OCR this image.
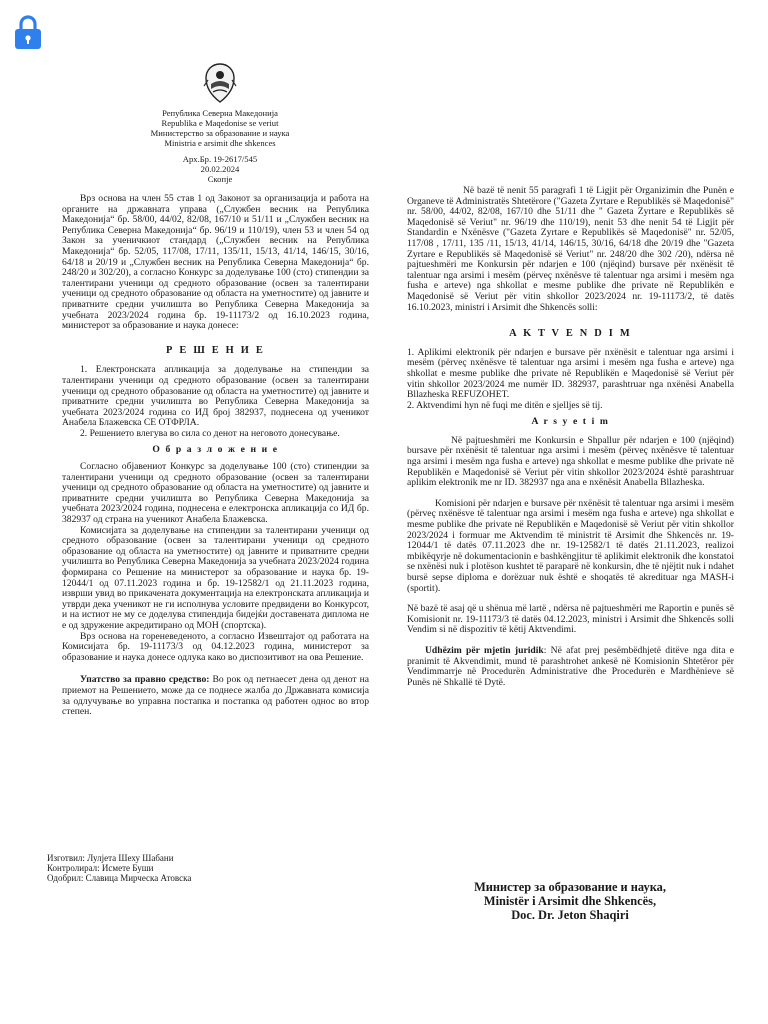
Република Северна Македонија
Republika e Maqedonise se veriut
Министерство за образование и наука
Ministria e arsimit dhe shkences
Арх.Бр. 19-2617/545
20.02.2024
Скопје

Врз основа на член 55 став 1 од Законот за организација и работа на органите на државната управа („Службен весник на Република Македонија“ бр. 58/00, 44/02, 82/08, 167/10 и 51/11 и „Службен весник на Република Северна Македонија“ бр. 96/19 и 110/19), член 53 и член 54 од Закон за ученичкиот стандард („Службен весник на Република Македонија“ бр. 52/05, 117/08, 17/11, 135/11, 15/13, 41/14, 146/15, 30/16, 64/18 и 20/19 и „Службен весник на Република Северна Македонија“ бр. 248/20 и 302/20), а согласно Конкурс за доделување 100 (сто) стипендии за талентирани ученици од средното образование (освен за талентирани ученици од средното образование од областа на уметностите) од јавните и приватните средни училишта во Република Северна Македонија за учебната 2023/2024 година бр. 19-11173/2 од 16.10.2023 година, министерот за образование и наука донесе:

Р Е Ш Е Н И Е

1. Електронската апликација за доделување на стипендии за талентирани ученици од средното образование (освен за талентирани ученици од средното образование од областа на уметностите) од јавните и приватните средни училишта во Република Северна Македонија за учебната 2023/2024 година со ИД број 382937, поднесена од ученикот Анабела Блажевска СЕ ОТФРЛА.

2. Решението влегува во сила со денот на неговото донесување.

О б р а з л о ж е н и е

Согласно објавениот Конкурс за доделување 100 (сто) стипендии за талентирани ученици од средното образование (освен за талентирани ученици од средното образование од областа на уметностите) од јавните и приватните средни училишта во Република Северна Македонија за учебната 2023/2024 година, поднесена е електронска апликација со ИД бр. 382937 од страна на ученикот Анабела Блажевска.

Комисијата за доделување на стипендии за талентирани ученици од средното образование (освен за талентирани ученици од средното образование од областа на уметностите) од јавните и приватните средни училишта во Република Северна Македонија за учебната 2023/2024 година формирана со Решение на министерот за образование и наука бр. 19-12044/1 од 07.11.2023 година и бр. 19-12582/1 од 21.11.2023 година, изврши увид во прикачената документација на електронската апликација и утврди дека ученикот не ги исполнува условите предвидени во Конкурсот, и на истиот не му се доделува стипендија бидејќи доставената диплома не е од здружение акредитирано од МОН (спортска).

Врз основа на гореневеденото, а согласно Извештајот од работата на Комисијата бр. 19-11173/3 од 04.12.2023 година, министерот за образование и наука донесе одлука како во диспозитивот на ова Решение.

Упатство за правно средство: Во рок од петнаесет дена од денот на приемот на Решението, може да се поднесе жалба до Државната комисија за одлучување во управна постапка и постапка од работен однос во втор степен.

Në bazë të nenit 55 paragrafi 1 të Ligjit për Organizimin dhe Punën e Organeve të Administratës Shtetërore ("Gazeta Zyrtare e Republikës së Maqedonisë" nr. 58/00, 44/02, 82/08, 167/10 dhe 51/11 dhe " Gazeta Zyrtare e Republikës së Maqedonisë së Veriut" nr. 96/19 dhe 110/19), nenit 53 dhe nenit 54 të Ligjit për Standardin e Nxënësve ("Gazeta Zyrtare e Republikës së Maqedonisë" nr. 52/05, 117/08 , 17/11, 135 /11, 15/13, 41/14, 146/15, 30/16, 64/18 dhe 20/19 dhe "Gazeta Zyrtare e Republikës së Maqedonisë së Veriut" nr. 248/20 dhe 302 /20), ndërsa në pajtueshmëri me Konkursin për ndarjen e 100 (njëqind) bursave për nxënësit të talentuar nga arsimi i mesëm (përveç nxënësve të talentuar nga arsimi i mesëm nga fusha e arteve) nga shkollat e mesme publike dhe private në Republikën e Maqedonisë së Veriut për vitin shkollor 2023/2024 nr. 19-11173/2, të datës 16.10.2023, ministri i Arsimit dhe Shkencës solli:

A K T V E N D I M

1. Aplikimi elektronik për ndarjen e bursave për nxënësit e talentuar nga arsimi i mesëm (përveç nxënësve të talentuar nga arsimi i mesëm nga fusha e arteve) nga shkollat e mesme publike dhe private në Republikën e Maqedonisë së Veriut për vitin shkollor 2023/2024 me numër ID. 382937, parashtruar nga nxënësi Anabella Bllazheska REFUZOHET.

2. Aktvendimi hyn në fuqi me ditën e sjelljes së tij.

A r s y e t i m

Në pajtueshmëri me Konkursin e Shpallur për ndarjen e 100 (njëqind) bursave për nxënësit të talentuar nga arsimi i mesëm (përveç nxënësve të talentuar nga arsimi i mesëm nga fusha e arteve) nga shkollat e mesme publike dhe private në Republikën e Maqedonisë së Veriut për vitin shkollor 2023/2024 është parashtruar aplikim elektronik me nr ID. 382937 nga ana e nxënësit Anabella Bllazheska.

Komisioni për ndarjen e bursave për nxënësit të talentuar nga arsimi i mesëm (përveç nxënësve të talentuar nga arsimi i mesëm nga fusha e arteve) nga shkollat e mesme publike dhe private në Republikën e Maqedonisë së Veriut për vitin shkollor 2023/2024 i formuar me Aktvendim të ministrit të Arsimit dhe Shkencës nr. 19-12044/1 të datës 07.11.2023 dhe nr. 19-12582/1 të datës 21.11.2023, realizoi mbikëqyrje në dokumentacionin e bashkëngjitur të aplikimit elektronik dhe konstatoi se nxënësi nuk i plotëson kushtet të paraparë në konkursin, dhe të njëjtit nuk i ndahet bursë sepse diploma e dorëzuar nuk është e shoqatës të akredituar nga MASH-i (sportit).

Në bazë të asaj që u shënua më lartë , ndërsa në pajtueshmëri me Raportin e punës së Komisionit nr. 19-11173/3 të datës 04.12.2023, ministri i Arsimit dhe Shkencës solli Vendim si në dispozitiv të këtij Aktvendimi.

Udhëzim për mjetin juridik: Në afat prej pesëmbëdhjetë ditëve nga dita e pranimit të Akvendimit, mund të parashtrohet ankesë në Komisionin Shtetëror për Vendimmarrje në Procedurën Administrative dhe Procedurën e Mardhënieve së Punës në Shkallë të Dytë.

Изготвил: Лулјета Шеху Шабани
Контролирал: Исмете Буши
Одобрил: Славица Мирческа Атовска
Министер за образование и наука,
Ministër i Arsimit dhe Shkencës,
Doc. Dr. Jeton Shaqiri
